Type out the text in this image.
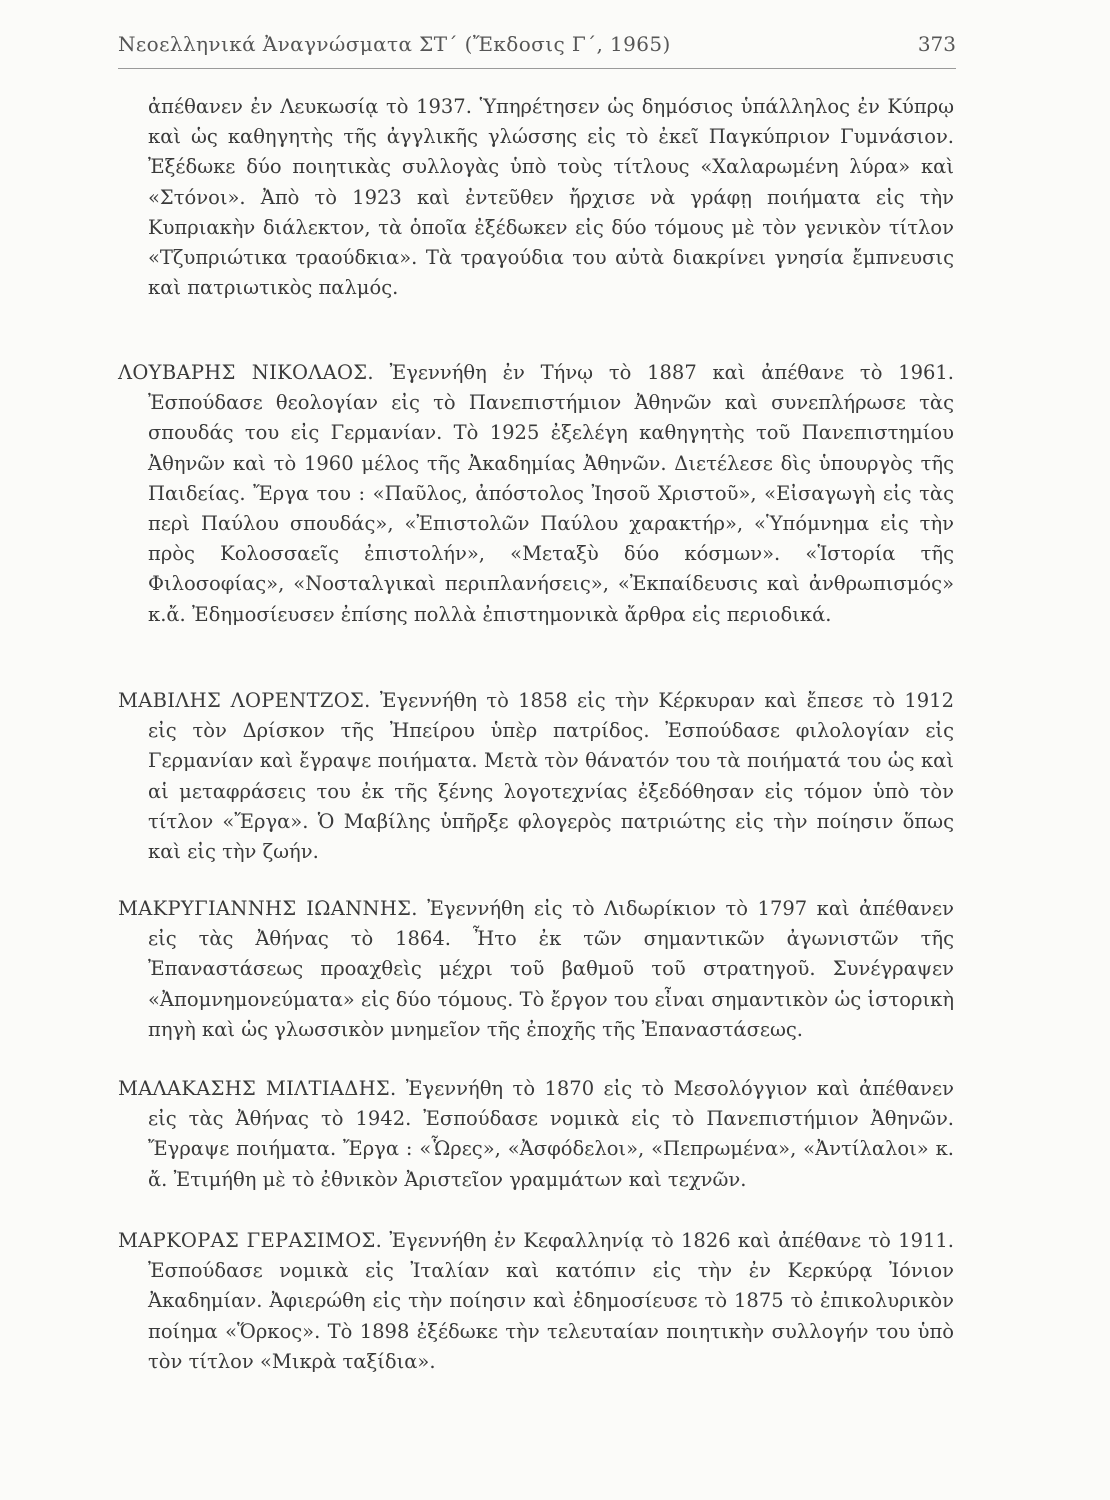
Νεοελληνικά Ἀναγνώσματα ΣΤ΄ (Ἔκδοσις Γ΄, 1965)	373

ἀπέθανεν ἐν Λευκωσίᾳ τὸ 1937. Ὑπηρέτησεν ὡς δημόσιος ὑπάλληλος ἐν Κύπρῳ καὶ ὡς καθηγητὴς τῆς ἀγγλικῆς γλώσσης εἰς τὸ ἐκεῖ Παγκύπριον Γυμνάσιον. Ἐξέδωκε δύο ποιητικὰς συλλογὰς ὑπὸ τοὺς τίτλους «Χαλαρωμένη λύρα» καὶ «Στόνοι». Ἀπὸ τὸ 1923 καὶ ἐντεῦθεν ἤρχισε νὰ γράφῃ ποιήματα εἰς τὴν Κυπριακὴν διάλεκτον, τὰ ὁποῖα ἐξέδωκεν εἰς δύο τόμους μὲ τὸν γενικὸν τίτλον «Τζυπριώτικα τραούδκια». Τὰ τραγούδια του αὐτὰ διακρίνει γνησία ἔμπνευσις καὶ πατριωτικὸς παλμός.

ΛΟΥΒΑΡΗΣ ΝΙΚΟΛΑΟΣ. Ἐγεννήθη ἐν Τήνῳ τὸ 1887 καὶ ἀπέθανε τὸ 1961. Ἐσπούδασε θεολογίαν εἰς τὸ Πανεπιστήμιον Ἀθηνῶν καὶ συνεπλήρωσε τὰς σπουδάς του εἰς Γερμανίαν. Τὸ 1925 ἐξελέγη καθηγητὴς τοῦ Πανεπιστημίου Ἀθηνῶν καὶ τὸ 1960 μέλος τῆς Ἀκαδημίας Ἀθηνῶν. Διετέλεσε δὶς ὑπουργὸς τῆς Παιδείας. Ἔργα του : «Παῦλος, ἀπόστολος Ἰησοῦ Χριστοῦ», «Εἰσαγωγὴ εἰς τὰς περὶ Παύλου σπουδάς», «Ἐπιστολῶν Παύλου χαρακτήρ», «Ὑπόμνημα εἰς τὴν πρὸς Κολοσσαεῖς ἐπιστολήν», «Μεταξὺ δύο κόσμων». «Ἱστορία τῆς Φιλοσοφίας», «Νοσταλγικαὶ περιπλανήσεις», «Ἐκπαίδευσις καὶ ἀνθρωπισμός» κ.ἄ. Ἐδημοσίευσεν ἐπίσης πολλὰ ἐπιστημονικὰ ἄρθρα εἰς περιοδικά.

ΜΑΒΙΛΗΣ ΛΟΡΕΝΤΖΟΣ. Ἐγεννήθη τὸ 1858 εἰς τὴν Κέρκυραν καὶ ἔπεσε τὸ 1912 εἰς τὸν Δρίσκον τῆς Ἠπείρου ὑπὲρ πατρίδος. Ἐσπούδασε φιλολογίαν εἰς Γερμανίαν καὶ ἔγραψε ποιήματα. Μετὰ τὸν θάνατόν του τὰ ποιήματά του ὡς καὶ αἱ μεταφράσεις του ἐκ τῆς ξένης λογοτεχνίας ἐξεδόθησαν εἰς τόμον ὑπὸ τὸν τίτλον «Ἔργα». Ὁ Μαβίλης ὑπῆρξε φλογερὸς πατριώτης εἰς τὴν ποίησιν ὅπως καὶ εἰς τὴν ζωήν.

ΜΑΚΡΥΓΙΑΝΝΗΣ ΙΩΑΝΝΗΣ. Ἐγεννήθη εἰς τὸ Λιδωρίκιον τὸ 1797 καὶ ἀπέθανεν εἰς τὰς Ἀθήνας τὸ 1864. Ἦτο ἐκ τῶν σημαντικῶν ἀγωνιστῶν τῆς Ἐπαναστάσεως προαχθεὶς μέχρι τοῦ βαθμοῦ τοῦ στρατηγοῦ. Συνέγραψεν «Ἀπομνημονεύματα» εἰς δύο τόμους. Τὸ ἔργον του εἶναι σημαντικὸν ὡς ἱστορικὴ πηγὴ καὶ ὡς γλωσσικὸν μνημεῖον τῆς ἐποχῆς τῆς Ἐπαναστάσεως.

ΜΑΛΑΚΑΣΗΣ ΜΙΛΤΙΑΔΗΣ. Ἐγεννήθη τὸ 1870 εἰς τὸ Μεσολόγγιον καὶ ἀπέθανεν εἰς τὰς Ἀθήνας τὸ 1942. Ἐσπούδασε νομικὰ εἰς τὸ Πανεπιστήμιον Ἀθηνῶν. Ἔγραψε ποιήματα. Ἔργα : «Ὧρες», «Ἀσφόδελοι», «Πεπρωμένα», «Ἀντίλαλοι» κ. ἄ. Ἐτιμήθη μὲ τὸ ἐθνικὸν Ἀριστεῖον γραμμάτων καὶ τεχνῶν.

ΜΑΡΚΟΡΑΣ ΓΕΡΑΣΙΜΟΣ. Ἐγεννήθη ἐν Κεφαλληνίᾳ τὸ 1826 καὶ ἀπέθανε τὸ 1911. Ἐσπούδασε νομικὰ εἰς Ἰταλίαν καὶ κατόπιν εἰς τὴν ἐν Κερκύρᾳ Ἰόνιον Ἀκαδημίαν. Ἀφιερώθη εἰς τὴν ποίησιν καὶ ἐδημοσίευσε τὸ 1875 τὸ ἐπικολυρικὸν ποίημα «Ὅρκος». Τὸ 1898 ἐξέδωκε τὴν τελευταίαν ποιητικὴν συλλογήν του ὑπὸ τὸν τίτλον «Μικρὰ ταξίδια».
